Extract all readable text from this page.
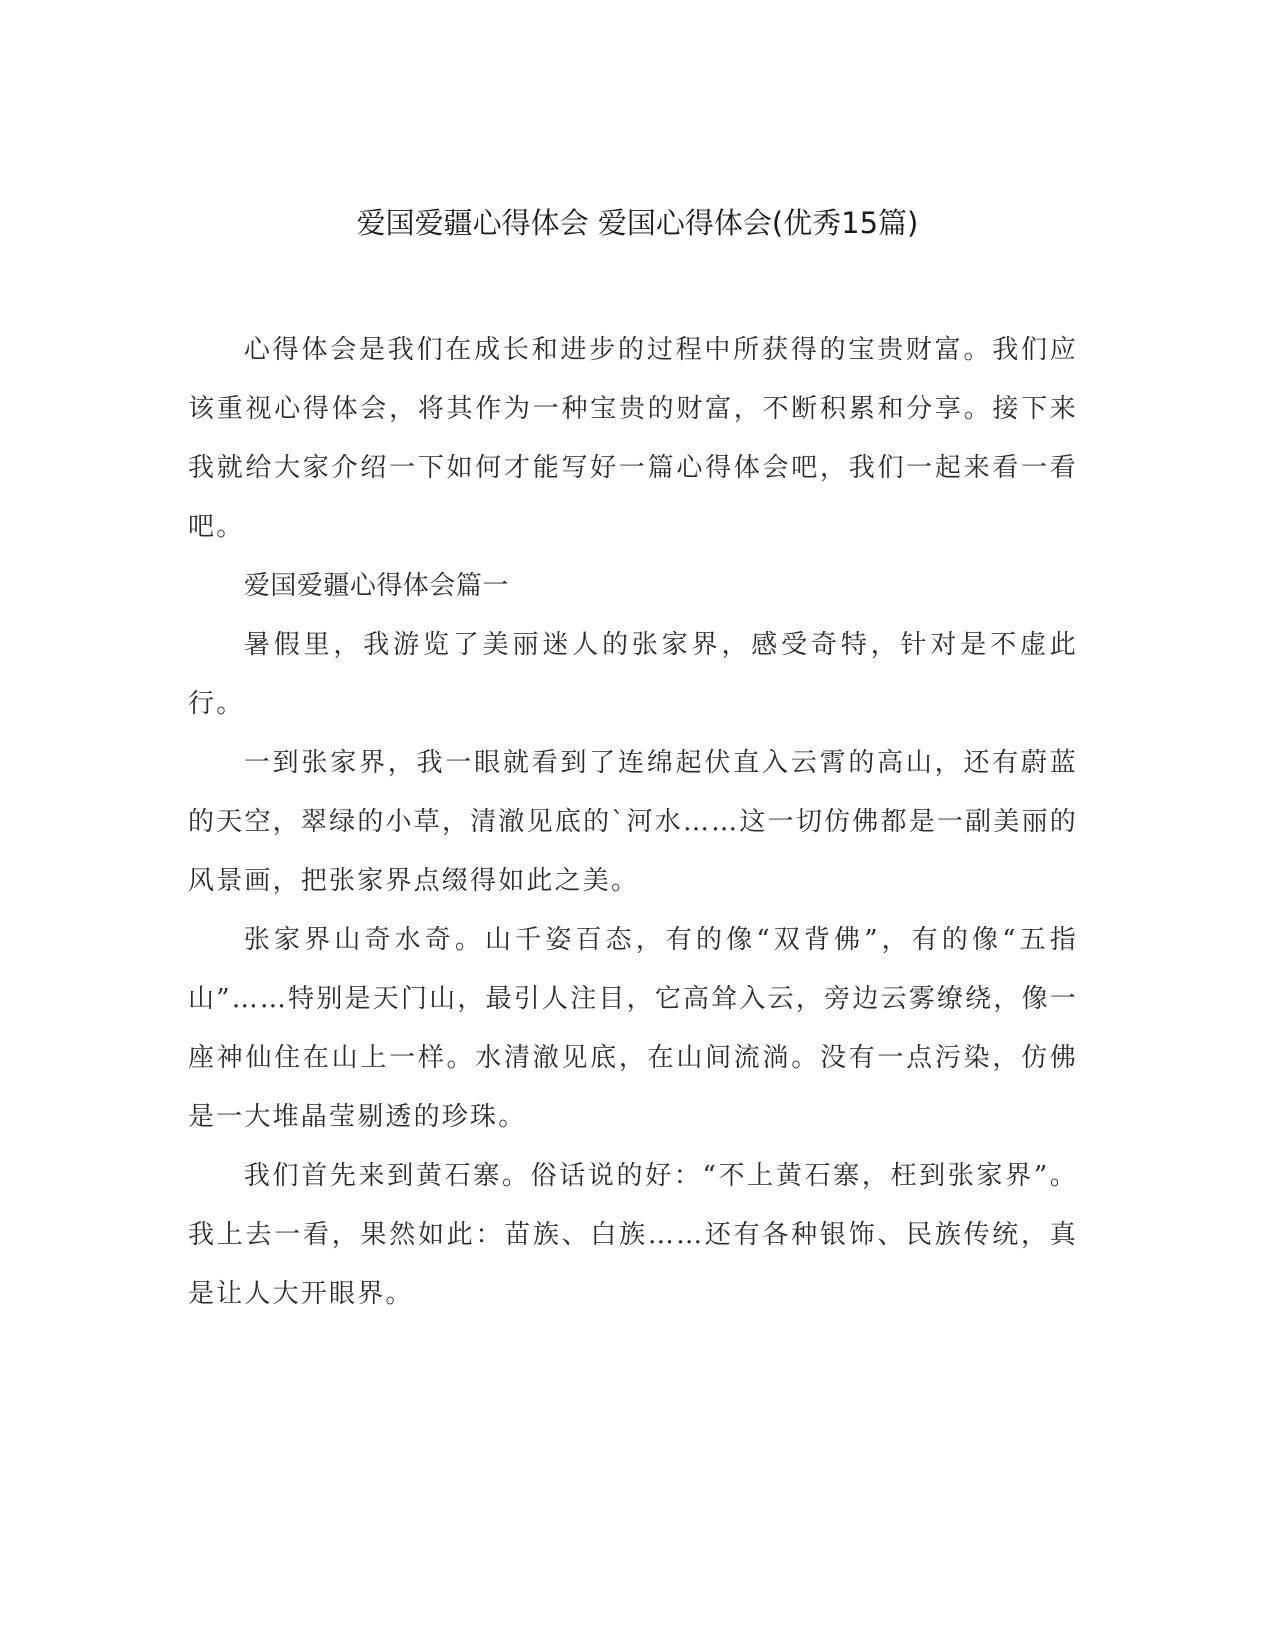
爱国爱疆心得体会 爱国心得体会(优秀15篇)

心得体会是我们在成长和进步的过程中所获得的宝贵财富。我们应该重视心得体会，将其作为一种宝贵的财富，不断积累和分享。接下来我就给大家介绍一下如何才能写好一篇心得体会吧，我们一起来看一看吧。

爱国爱疆心得体会篇一

暑假里，我游览了美丽迷人的张家界，感受奇特，针对是不虚此行。

一到张家界，我一眼就看到了连绵起伏直入云霄的高山，还有蔚蓝的天空，翠绿的小草，清澈见底的`河水……这一切仿佛都是一副美丽的风景画，把张家界点缀得如此之美。

张家界山奇水奇。山千姿百态，有的像“双背佛”，有的像“五指山”……特别是天门山，最引人注目，它高耸入云，旁边云雾缭绕，像一座神仙住在山上一样。水清澈见底，在山间流淌。没有一点污染，仿佛是一大堆晶莹剔透的珍珠。

我们首先来到黄石寨。俗话说的好：“不上黄石寨，枉到张家界”。我上去一看，果然如此：苗族、白族……还有各种银饰、民族传统，真是让人大开眼界。
